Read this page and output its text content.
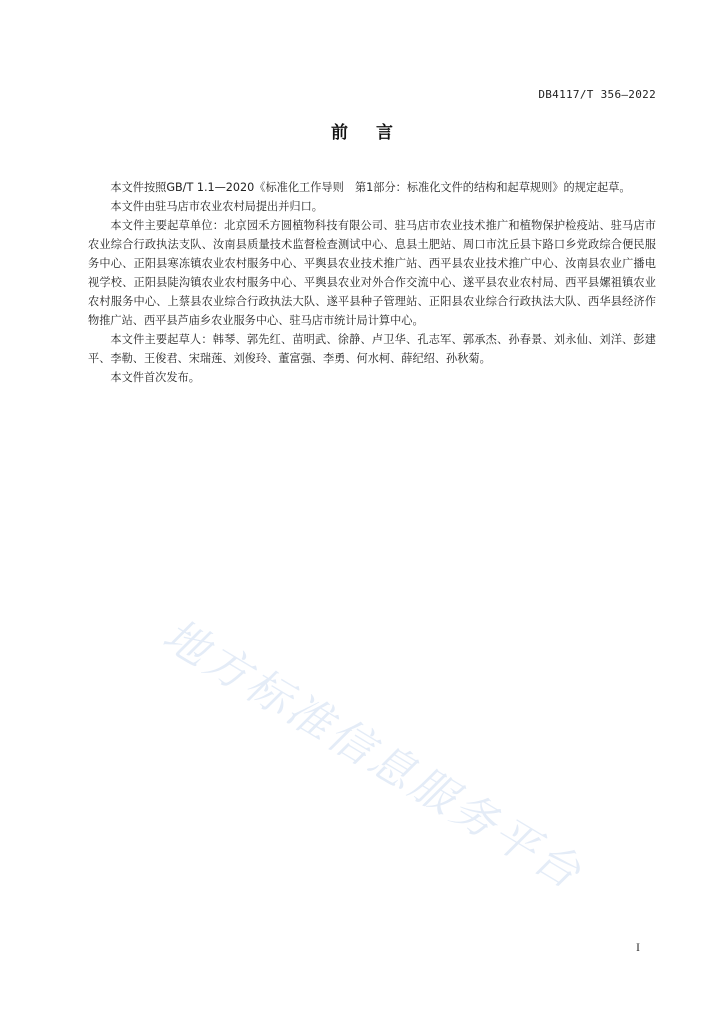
DB4117/T 356—2022
前言

本文件按照GB/T 1.1—2020《标准化工作导则　第1部分：标准化文件的结构和起草规则》的规定起草。

本文件由驻马店市农业农村局提出并归口。

本文件主要起草单位：北京园禾方圆植物科技有限公司、驻马店市农业技术推广和植物保护检疫站、驻马店市农业综合行政执法支队、汝南县质量技术监督检查测试中心、息县土肥站、周口市沈丘县卞路口乡党政综合便民服务中心、正阳县寒冻镇农业农村服务中心、平舆县农业技术推广站、西平县农业技术推广中心、汝南县农业广播电视学校、正阳县陡沟镇农业农村服务中心、平舆县农业对外合作交流中心、遂平县农业农村局、西平县嫘祖镇农业农村服务中心、上蔡县农业综合行政执法大队、遂平县种子管理站、正阳县农业综合行政执法大队、西华县经济作物推广站、西平县芦庙乡农业服务中心、驻马店市统计局计算中心。

本文件主要起草人：韩琴、郭先红、苗明武、徐静、卢卫华、孔志军、郭承杰、孙春景、刘永仙、刘洋、彭建平、李勒、王俊君、宋瑞莲、刘俊玲、董富强、李勇、何水柯、薛纪绍、孙秋菊。

本文件首次发布。

地方标准信息服务平台
I
